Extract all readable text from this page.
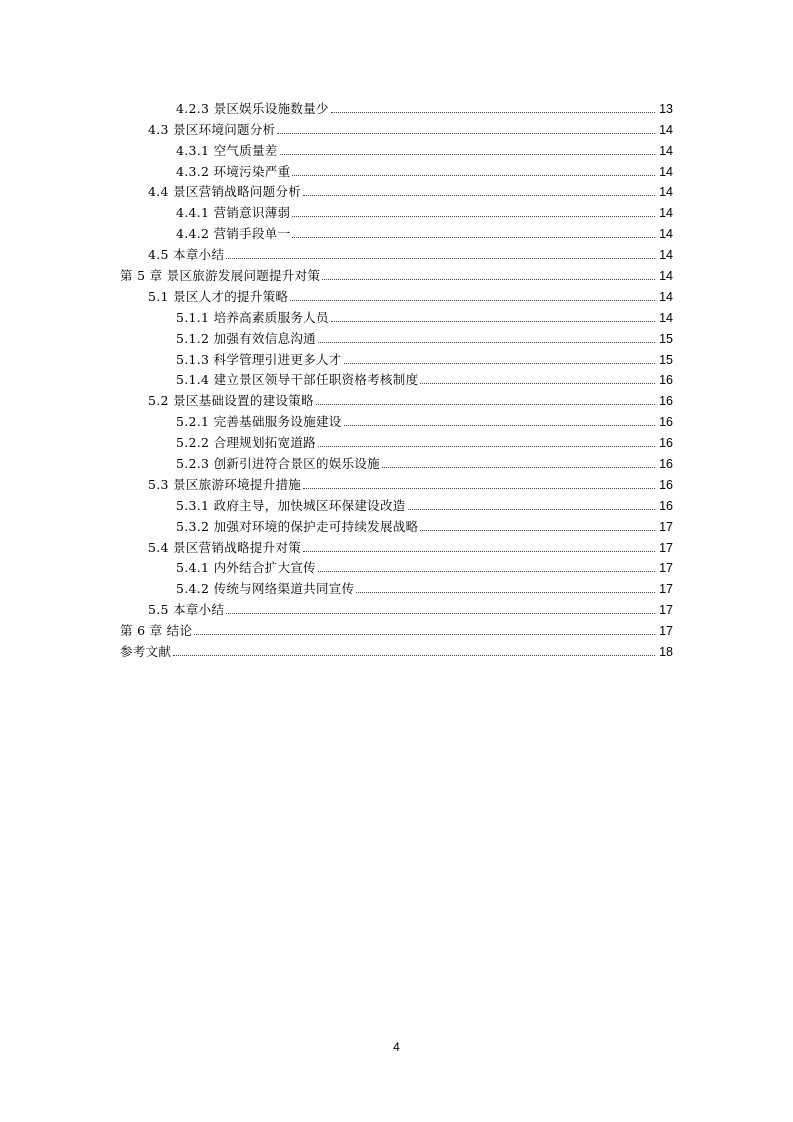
4.2.3 景区娱乐设施数量少	13
4.3 景区环境问题分析	14
4.3.1 空气质量差	14
4.3.2 环境污染严重	14
4.4 景区营销战略问题分析	14
4.4.1 营销意识薄弱	14
4.4.2 营销手段单一	14
4.5 本章小结	14
第 5 章 景区旅游发展问题提升对策	14
5.1 景区人才的提升策略	14
5.1.1 培养高素质服务人员	14
5.1.2 加强有效信息沟通	15
5.1.3 科学管理引进更多人才	15
5.1.4 建立景区领导干部任职资格考核制度	16
5.2 景区基础设置的建设策略	16
5.2.1 完善基础服务设施建设	16
5.2.2 合理规划拓宽道路	16
5.2.3 创新引进符合景区的娱乐设施	16
5.3 景区旅游环境提升措施	16
5.3.1 政府主导，加快城区环保建设改造	16
5.3.2 加强对环境的保护走可持续发展战略	17
5.4 景区营销战略提升对策	17
5.4.1 内外结合扩大宣传	17
5.4.2 传统与网络渠道共同宣传	17
5.5 本章小结	17
第 6 章 结论	17
参考文献	18
4
